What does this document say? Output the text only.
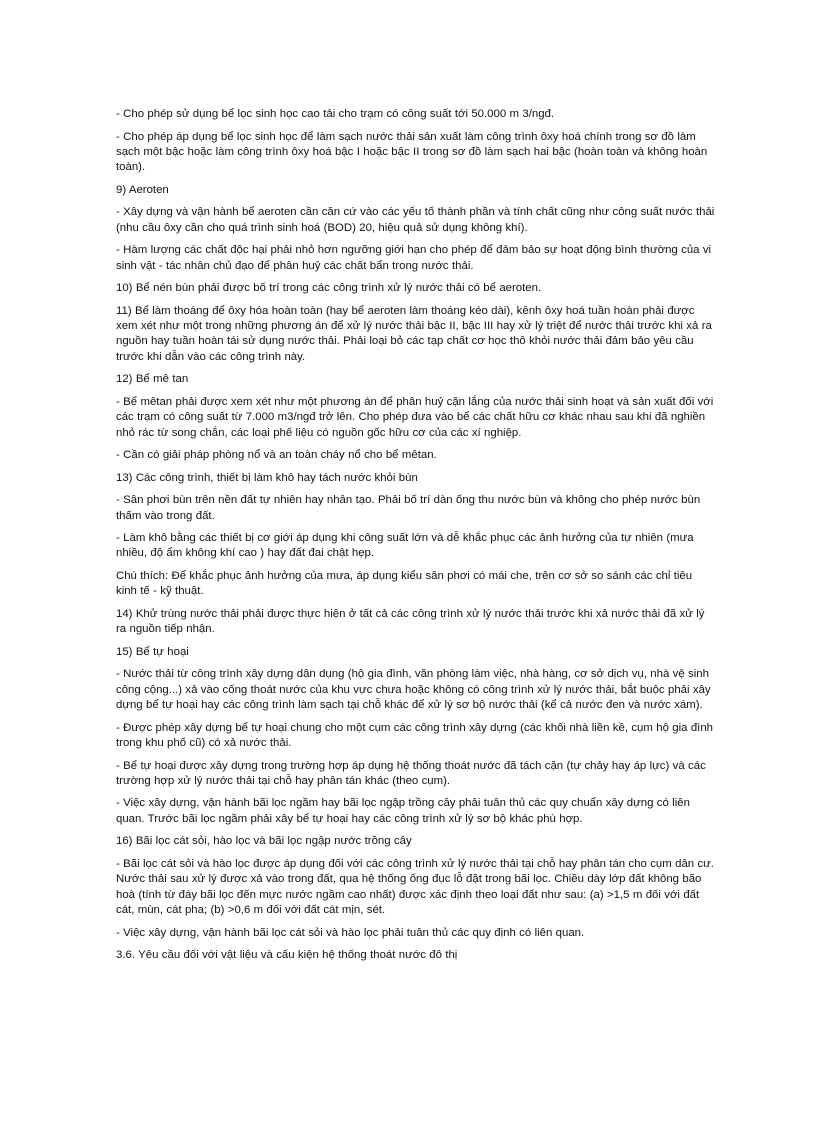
- Cho phép sử dụng bể lọc sinh học cao tải cho trạm có công suất tới 50.000 m 3/ngđ.

- Cho phép áp dụng bể lọc sinh học để làm sạch nước thải sản xuất làm công trình ôxy hoá chính trong sơ đồ làm sạch một bậc hoặc làm công trình ôxy hoá bậc I hoặc bậc II trong sơ đồ làm sạch hai bậc (hoàn toàn và không hoàn toàn).

9) Aeroten

- Xây dựng và vận hành bể aeroten cần căn cứ vào các yếu tố thành phần và tính chất cũng như công suất nước thải (nhu cầu ôxy cần cho quá trình sinh hoá (BOD) 20, hiệu quả sử dụng không khí).

- Hàm lượng các chất độc hại phải nhỏ hơn ngưỡng giới hạn cho phép để đảm bảo sự hoạt động bình thường của vi sinh vật - tác nhân chủ đạo để phân huỷ các chất bẩn trong nước thải.

10) Bể nén bùn phải được bố trí trong các công trình xử lý nước thải có bể aeroten.

11) Bể làm thoáng để ôxy hóa hoàn toàn (hay bể aeroten làm thoáng kéo dài), kênh ôxy hoá tuần hoàn phải được xem xét như một trong những phương án để xử lý nước thải bậc II, bậc III hay xử lý triệt để nước thải trước khi xả ra nguồn hay tuần hoàn tái sử dụng nước thải. Phải loại bỏ các tạp chất cơ học thô khỏi nước thải đảm bảo yêu cầu trước khi dẫn vào các công trình này.

12) Bể mê tan

- Bể mêtan phải được xem xét như một phương án để phân huỷ cặn lắng của nước thải sinh hoạt và sản xuất đối với các trạm có công suất từ 7.000 m3/ngđ trở lên. Cho phép đưa vào bể các chất hữu cơ khác nhau sau khi đã nghiền nhỏ rác từ song chắn, các loại phế liệu có nguồn gốc hữu cơ của các xí nghiệp.

- Cần có giải pháp phòng nổ và an toàn cháy nổ cho bể mêtan.

13) Các công trình, thiết bị làm khô hay tách nước khỏi bùn

- Sân phơi bùn trên nền đất tự nhiên hay nhân tạo. Phải bố trí dàn ống thu nước bùn và không cho phép nước bùn thấm vào trong đất.

- Làm khô bằng các thiết bị cơ giới áp dụng khi công suất lớn và dễ khắc phục các ảnh hưởng của tự nhiên (mưa nhiều, độ ẩm không khí cao ) hay đất đai chật hẹp.

Chú thích: Để khắc phục ảnh hưởng của mưa, áp dụng kiểu sân phơi có mái che, trên cơ sở so sánh các chỉ tiêu kinh tế - kỹ thuật.

14) Khử trùng nước thải phải được thực hiện ở tất cả các công trình xử lý nước thải trước khi xả nước thải đã xử lý ra nguồn tiếp nhận.

15) Bể tự hoại

- Nước thải từ công trình xây dựng dân dụng (hộ gia đình, văn phòng làm việc, nhà hàng, cơ sở dịch vụ, nhà vệ sinh công cộng...) xả vào cống thoát nước của khu vực chưa hoặc không có công trình xử lý nước thải, bắt buộc phải xây dựng bể tự hoại hay các công trình làm sạch tại chỗ khác để xử lý sơ bộ nước thải (kể cả nước đen và nước xám).

- Được phép xây dựng bể tự hoại chung cho một cụm các công trình xây dựng (các khối nhà liền kề, cụm hộ gia đình trong khu phố cũ) có xả nước thải.

- Bể tự hoại được xây dựng trong trường hợp áp dụng hệ thống thoát nước đã tách cặn (tự chảy hay áp lực) và các trường hợp xử lý nước thải tại chỗ hay phân tán khác (theo cụm).

- Việc xây dựng, vận hành bãi lọc ngầm hay bãi lọc ngập trồng cây phải tuân thủ các quy chuẩn xây dựng có liên quan. Trước bãi lọc ngầm phải xây bể tự hoại hay các công trình xử lý sơ bộ khác phù hợp.

16) Bãi lọc cát sỏi, hào lọc và bãi lọc ngập nước trồng cây

- Bãi lọc cát sỏi và hào lọc được áp dụng đối với các công trình xử lý nước thải tại chỗ hay phân tán cho cụm dân cư. Nước thải sau xử lý được xả vào trong đất, qua hệ thống ống đục lỗ đặt trong bãi lọc. Chiều dày lớp đất không bão hoà (tính từ đáy bãi lọc đến mực nước ngầm cao nhất) được xác định theo loại đất như sau: (a) >1,5 m đối với đất cát, mùn, cát pha; (b) >0,6 m đối với đất cát mịn, sét.

- Việc xây dựng, vận hành bãi lọc cát sỏi và hào lọc phải tuân thủ các quy định có liên quan.

3.6. Yêu cầu đối với vật liệu và cấu kiện hệ thống thoát nước đô thị
